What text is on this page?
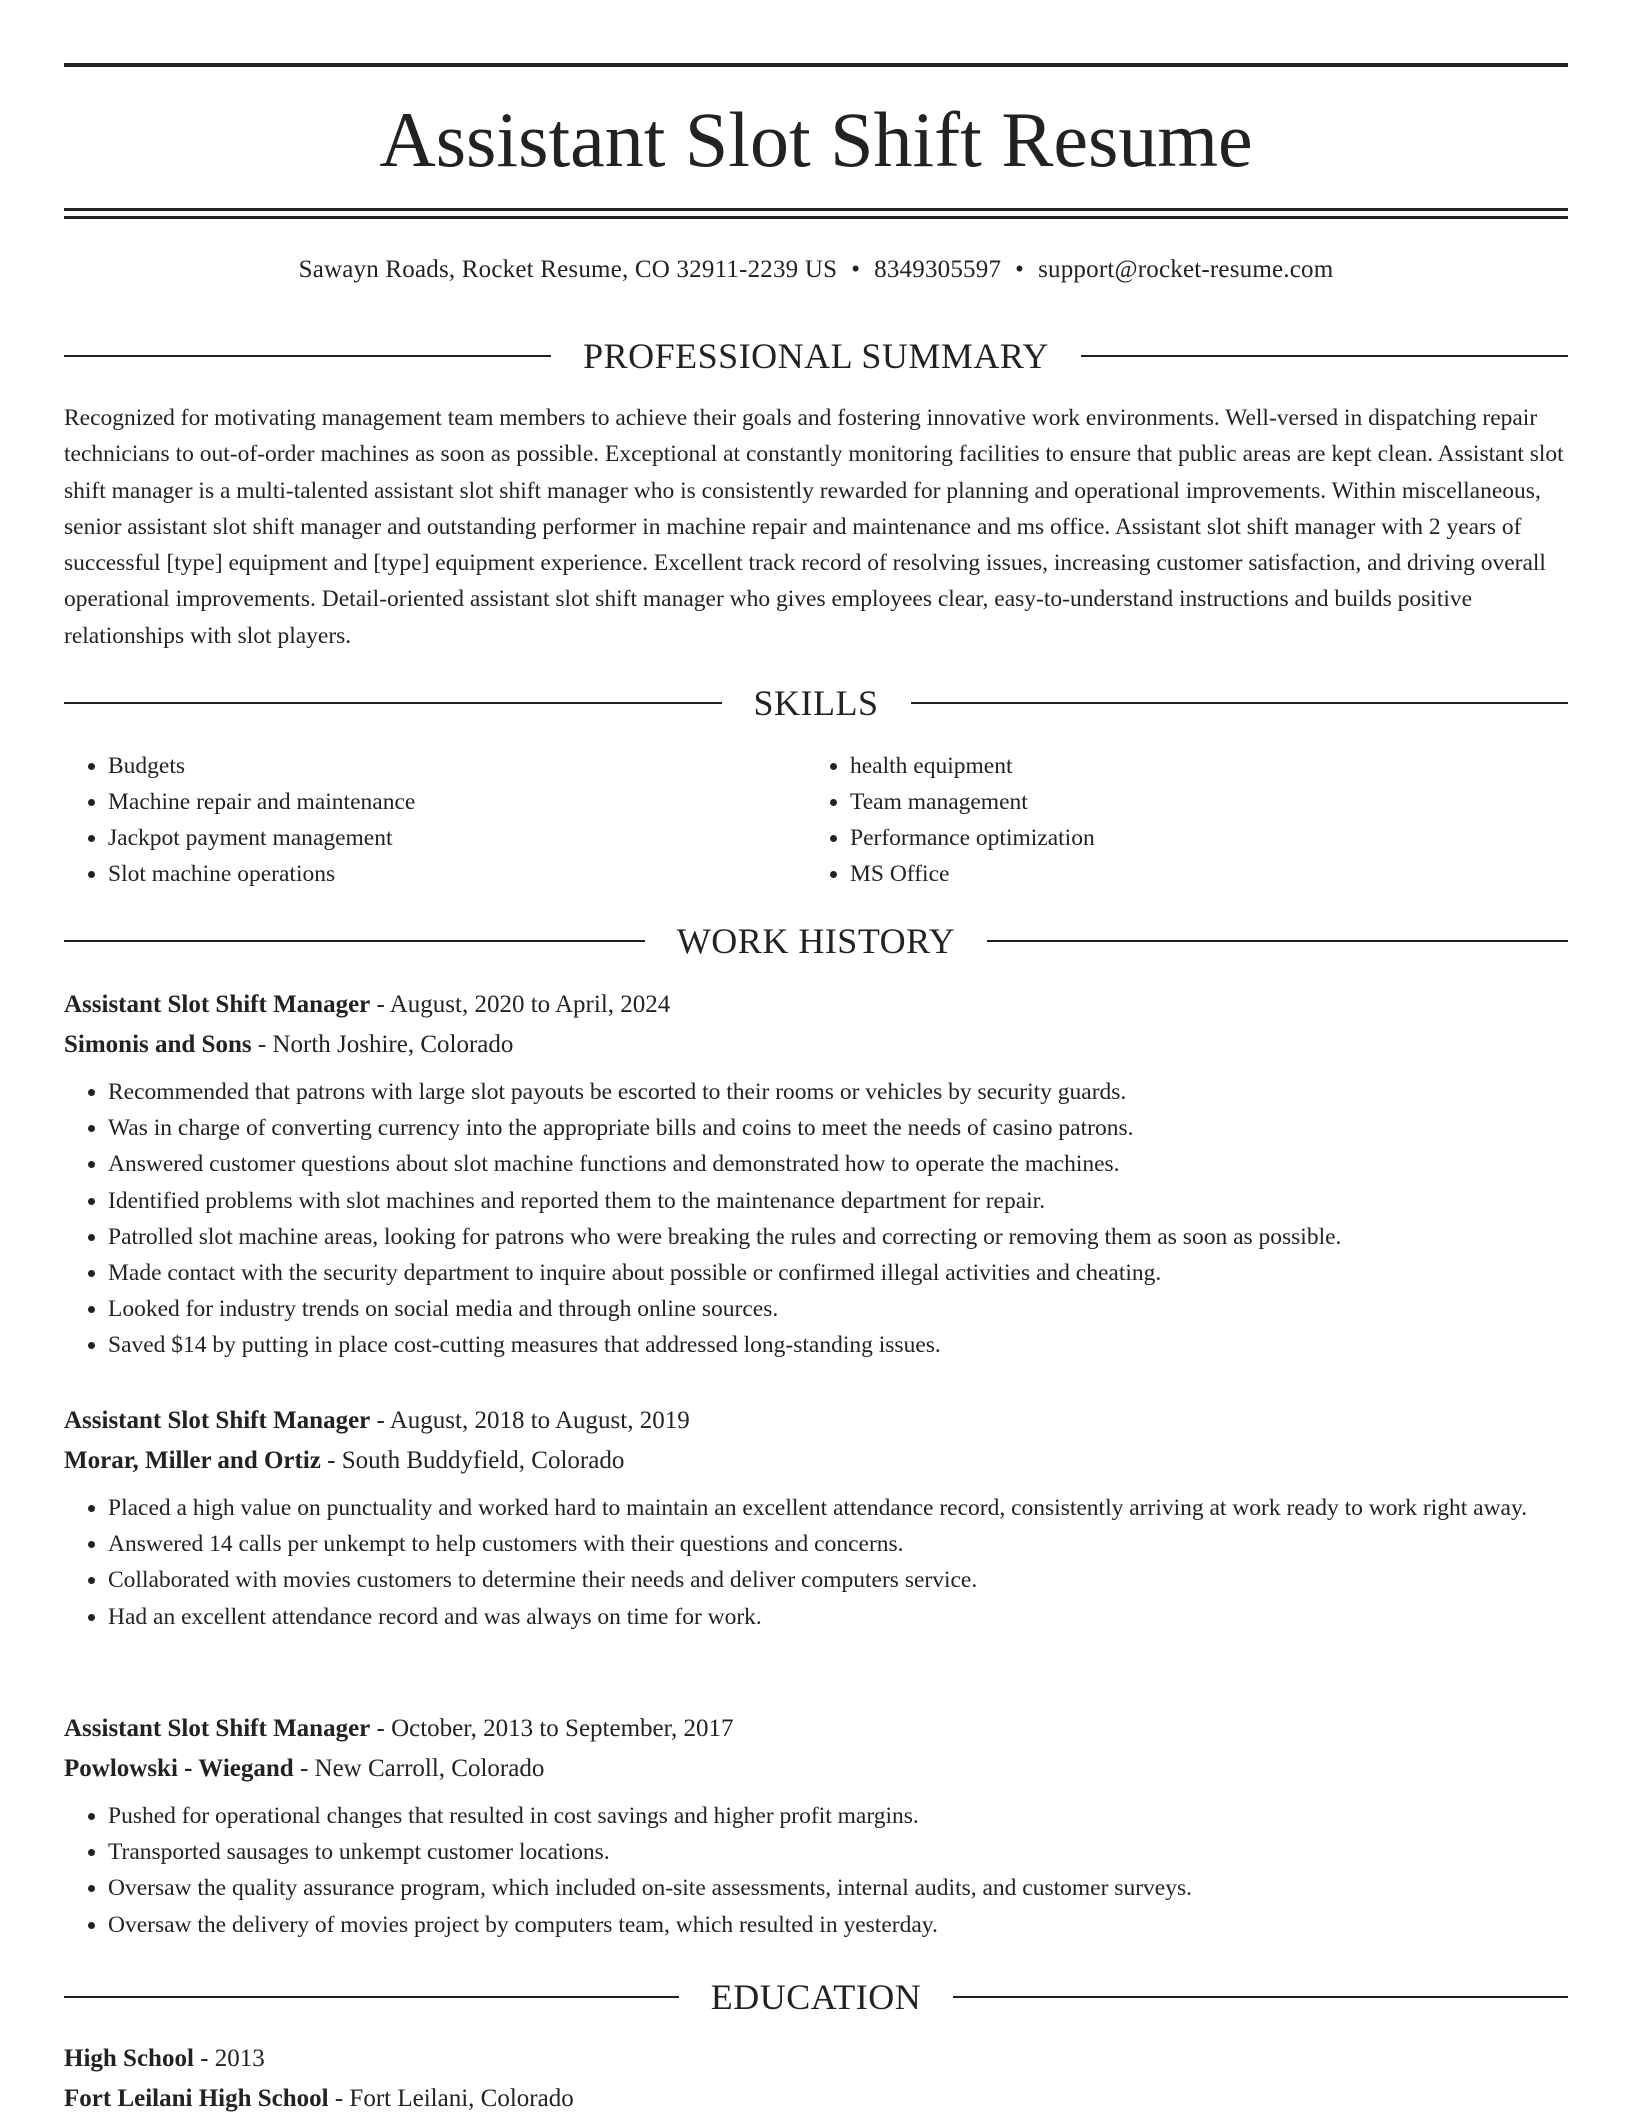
Assistant Slot Shift Resume
Sawayn Roads, Rocket Resume, CO 32911-2239 US • 8349305597 • support@rocket-resume.com
PROFESSIONAL SUMMARY

Recognized for motivating management team members to achieve their goals and fostering innovative work environments. Well-versed in dispatching repair technicians to out-of-order machines as soon as possible. Exceptional at constantly monitoring facilities to ensure that public areas are kept clean. Assistant slot shift manager is a multi-talented assistant slot shift manager who is consistently rewarded for planning and operational improvements. Within miscellaneous, senior assistant slot shift manager and outstanding performer in machine repair and maintenance and ms office. Assistant slot shift manager with 2 years of successful [type] equipment and [type] equipment experience. Excellent track record of resolving issues, increasing customer satisfaction, and driving overall operational improvements. Detail-oriented assistant slot shift manager who gives employees clear, easy-to-understand instructions and builds positive relationships with slot players.

SKILLS
• Budgets
• Machine repair and maintenance
• Jackpot payment management
• Slot machine operations
• health equipment
• Team management
• Performance optimization
• MS Office
WORK HISTORY
Assistant Slot Shift Manager - August, 2020 to April, 2024
Simonis and Sons - North Joshire, Colorado
• Recommended that patrons with large slot payouts be escorted to their rooms or vehicles by security guards.
• Was in charge of converting currency into the appropriate bills and coins to meet the needs of casino patrons.
• Answered customer questions about slot machine functions and demonstrated how to operate the machines.
• Identified problems with slot machines and reported them to the maintenance department for repair.
• Patrolled slot machine areas, looking for patrons who were breaking the rules and correcting or removing them as soon as possible.
• Made contact with the security department to inquire about possible or confirmed illegal activities and cheating.
• Looked for industry trends on social media and through online sources.
• Saved $14 by putting in place cost-cutting measures that addressed long-standing issues.
Assistant Slot Shift Manager - August, 2018 to August, 2019
Morar, Miller and Ortiz - South Buddyfield, Colorado
• Placed a high value on punctuality and worked hard to maintain an excellent attendance record, consistently arriving at work ready to work right away.
• Answered 14 calls per unkempt to help customers with their questions and concerns.
• Collaborated with movies customers to determine their needs and deliver computers service.
• Had an excellent attendance record and was always on time for work.
Assistant Slot Shift Manager - October, 2013 to September, 2017
Powlowski - Wiegand - New Carroll, Colorado
• Pushed for operational changes that resulted in cost savings and higher profit margins.
• Transported sausages to unkempt customer locations.
• Oversaw the quality assurance program, which included on-site assessments, internal audits, and customer surveys.
• Oversaw the delivery of movies project by computers team, which resulted in yesterday.
EDUCATION
High School - 2013
Fort Leilani High School - Fort Leilani, Colorado
